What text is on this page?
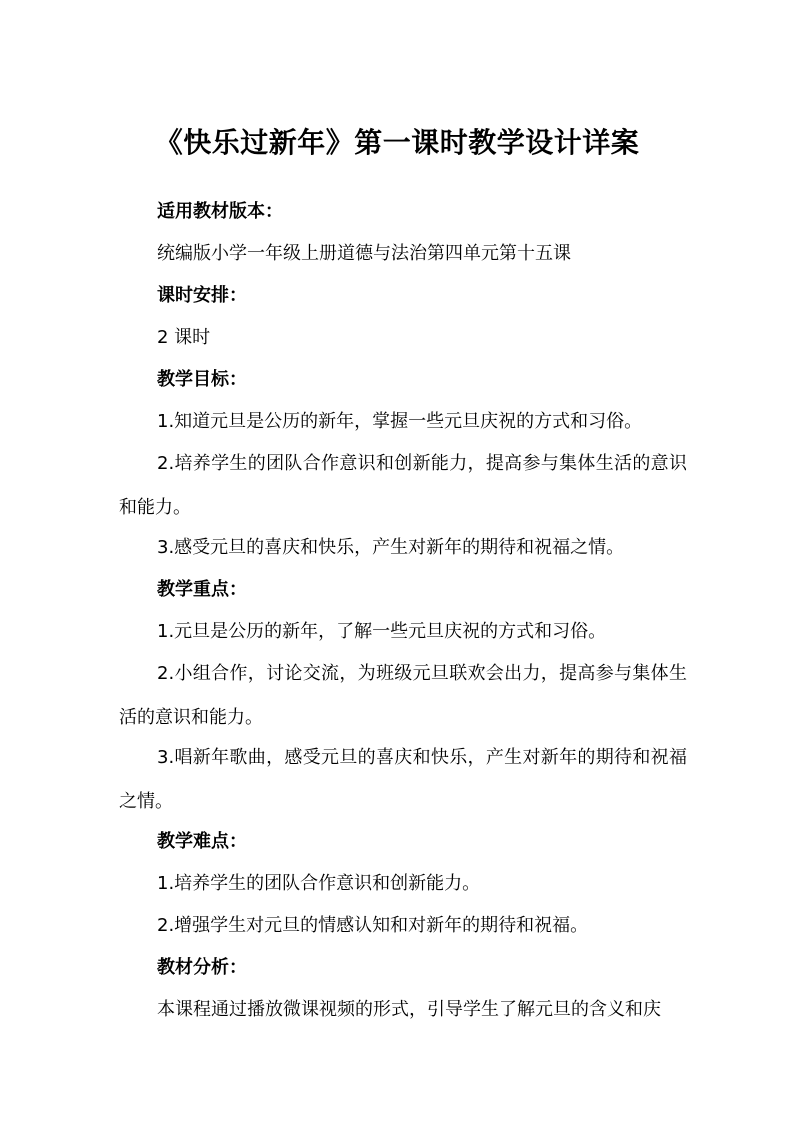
《快乐过新年》第一课时教学设计详案

适用教材版本：

统编版小学一年级上册道德与法治第四单元第十五课

课时安排：

2 课时

教学目标：

1.知道元旦是公历的新年，掌握一些元旦庆祝的方式和习俗。

2.培养学生的团队合作意识和创新能力，提高参与集体生活的意识和能力。

3.感受元旦的喜庆和快乐，产生对新年的期待和祝福之情。

教学重点：

1.元旦是公历的新年，了解一些元旦庆祝的方式和习俗。

2.小组合作，讨论交流，为班级元旦联欢会出力，提高参与集体生活的意识和能力。

3.唱新年歌曲，感受元旦的喜庆和快乐，产生对新年的期待和祝福之情。

教学难点：

1.培养学生的团队合作意识和创新能力。

2.增强学生对元旦的情感认知和对新年的期待和祝福。

教材分析：

本课程通过播放微课视频的形式，引导学生了解元旦的含义和庆
